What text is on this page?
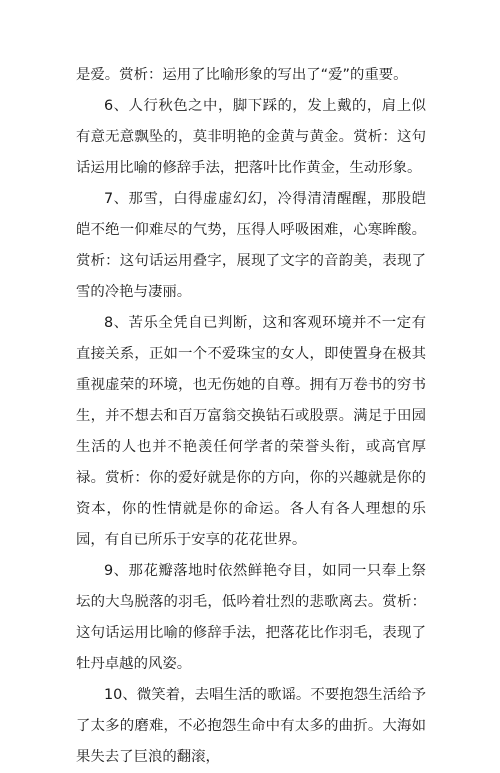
是爱。赏析：运用了比喻形象的写出了“爱”的重要。

6、人行秋色之中，脚下踩的，发上戴的，肩上似有意无意飘坠的，莫非明艳的金黄与黄金。赏析：这句话运用比喻的修辞手法，把落叶比作黄金，生动形象。

7、那雪，白得虚虚幻幻，冷得清清醒醒，那股皑皑不绝一仰难尽的气势，压得人呼吸困难，心寒眸酸。赏析：这句话运用叠字，展现了文字的音韵美，表现了雪的冷艳与凄丽。

8、苦乐全凭自已判断，这和客观环境并不一定有直接关系，正如一个不爱珠宝的女人，即使置身在极其重视虚荣的环境，也无伤她的自尊。拥有万卷书的穷书生，并不想去和百万富翁交换钻石或股票。满足于田园生活的人也并不艳羡任何学者的荣誉头衔，或高官厚禄。赏析：你的爱好就是你的方向，你的兴趣就是你的资本，你的性情就是你的命运。各人有各人理想的乐园，有自已所乐于安享的花花世界。

9、那花瓣落地时依然鲜艳夺目，如同一只奉上祭坛的大鸟脱落的羽毛，低吟着壮烈的悲歌离去。赏析：这句话运用比喻的修辞手法，把落花比作羽毛，表现了牡丹卓越的风姿。

10、微笑着，去唱生活的歌谣。不要抱怨生活给予了太多的磨难，不必抱怨生命中有太多的曲折。大海如果失去了巨浪的翻滚，
